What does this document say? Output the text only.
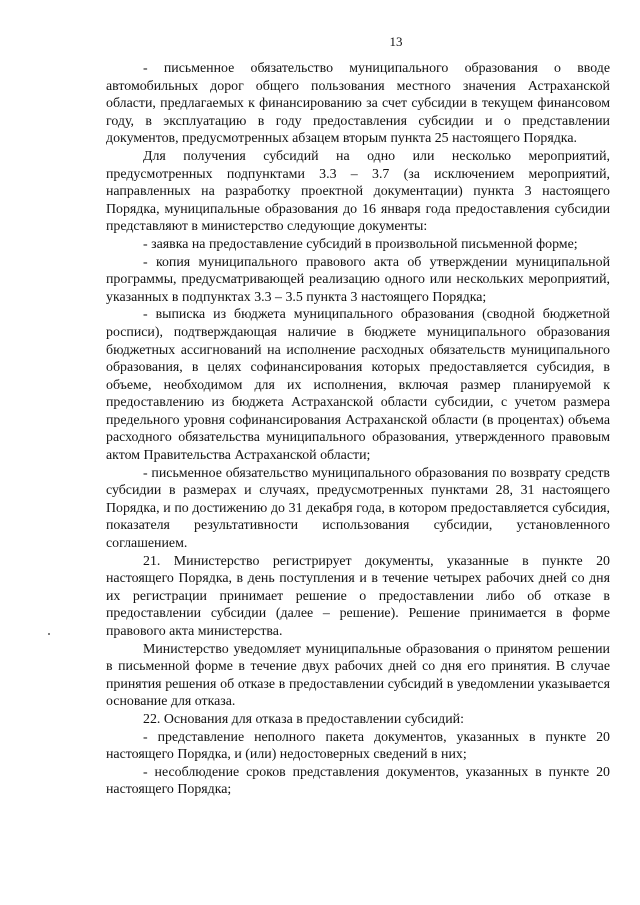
13

- письменное обязательство муниципального образования о вводе автомобильных дорог общего пользования местного значения Астраханской области, предлагаемых к финансированию за счет субсидии в текущем финансовом году, в эксплуатацию в году предоставления субсидии и о представлении документов, предусмотренных абзацем вторым пункта 25 настоящего Порядка.

Для получения субсидий на одно или несколько мероприятий, предусмотренных подпунктами 3.3 – 3.7 (за исключением мероприятий, направленных на разработку проектной документации) пункта 3 настоящего Порядка, муниципальные образования до 16 января года предоставления субсидии представляют в министерство следующие документы:

- заявка на предоставление субсидий в произвольной письменной форме;

- копия муниципального правового акта об утверждении муниципальной программы, предусматривающей реализацию одного или нескольких мероприятий, указанных в подпунктах 3.3 – 3.5 пункта 3 настоящего Порядка;

- выписка из бюджета муниципального образования (сводной бюджетной росписи), подтверждающая наличие в бюджете муниципального образования бюджетных ассигнований на исполнение расходных обязательств муниципального образования, в целях софинансирования которых предоставляется субсидия, в объеме, необходимом для их исполнения, включая размер планируемой к предоставлению из бюджета Астраханской области субсидии, с учетом размера предельного уровня софинансирования Астраханской области (в процентах) объема расходного обязательства муниципального образования, утвержденного правовым актом Правительства Астраханской области;

- письменное обязательство муниципального образования по возврату средств субсидии в размерах и случаях, предусмотренных пунктами 28, 31 настоящего Порядка, и по достижению до 31 декабря года, в котором предоставляется субсидия, показателя результативности использования субсидии, установленного соглашением.

21. Министерство регистрирует документы, указанные в пункте 20 настоящего Порядка, в день поступления и в течение четырех рабочих дней со дня их регистрации принимает решение о предоставлении либо об отказе в предоставлении субсидии (далее – решение). Решение принимается в форме правового акта министерства.

Министерство уведомляет муниципальные образования о принятом решении в письменной форме в течение двух рабочих дней со дня его принятия. В случае принятия решения об отказе в предоставлении субсидий в уведомлении указывается основание для отказа.

22. Основания для отказа в предоставлении субсидий:

- представление неполного пакета документов, указанных в пункте 20 настоящего Порядка, и (или) недостоверных сведений в них;

- несоблюдение сроков представления документов, указанных в пункте 20 настоящего Порядка;
